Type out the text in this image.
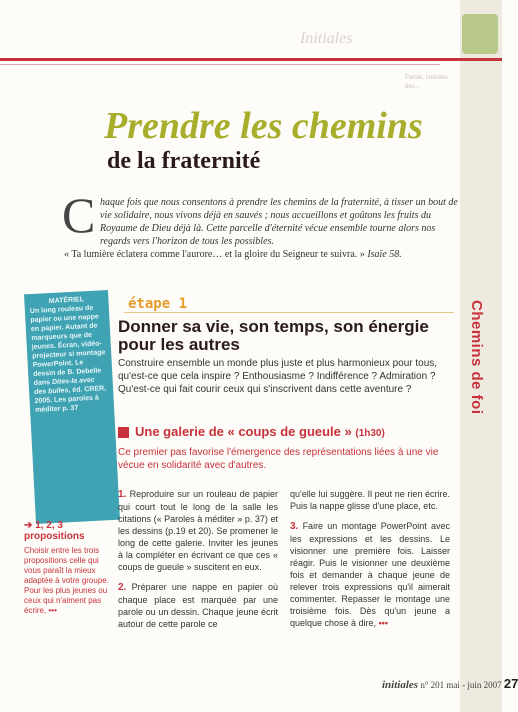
Initiales
Parole, croisées des...
Chemins de foi
Prendre les chemins
de la fraternité
C haque fois que nous consentons à prendre les chemins de la fraternité, à tisser un bout de vie solidaire, nous vivons déjà en sauvés ; nous accueillons et goûtons les fruits du Royaume de Dieu déjà là. Cette parcelle d'éternité vécue ensemble tourne alors nos regards vers l'horizon de tous les possibles.
« Ta lumière éclatera comme l'aurore… et la gloire du Seigneur te suivra. » Isaïe 58.
MATÉRIEL
Un long rouleau de papier ou une nappe en papier. Autant de marqueurs que de jeunes. Écran, vidéo-projecteur si montage PowerPoint. Le dessin de B. Debelle dans Dites-la avec des bulles, éd. CRER, 2005. Les paroles à méditer p. 37
➔ 1, 2, 3 propositions
Choisir entre les trois propositions celle qui vous paraît la mieux adaptée à votre groupe. Pour les plus jeunes ou ceux qui n'aiment pas écrire, •••
étape 1
Donner sa vie, son temps, son énergie pour les autres

Construire ensemble un monde plus juste et plus harmonieux pour tous, qu'est-ce que cela inspire ? Enthousiasme ? Indifférence ? Admiration ? Qu'est-ce qui fait courir ceux qui s'inscrivent dans cette aventure ?

Une galerie de « coups de gueule » (1h30)

Ce premier pas favorise l'émergence des représentations liées à une vie vécue en solidarité avec d'autres.

1. Reproduire sur un rouleau de papier qui court tout le long de la salle les citations (« Paroles à méditer » p. 37) et les dessins (p.19 et 20). Se promener le long de cette galerie. Inviter les jeunes à la compléter en écrivant ce que ces « coups de gueule » suscitent en eux.

2. Préparer une nappe en papier où chaque place est marquée par une parole ou un dessin. Chaque jeune écrit autour de cette parole ce

qu'elle lui suggère. Il peut ne rien écrire. Puis la nappe glisse d'une place, etc.

3. Faire un montage PowerPoint avec les expressions et les dessins. Le visionner une première fois. Laisser réagir. Puis le visionner une deuxième fois et demander à chaque jeune de relever trois expressions qu'il aimerait commenter. Repasser le montage une troisième fois. Dès qu'un jeune a quelque chose à dire, •••

initiales n° 201 mai - juin 2007 27
